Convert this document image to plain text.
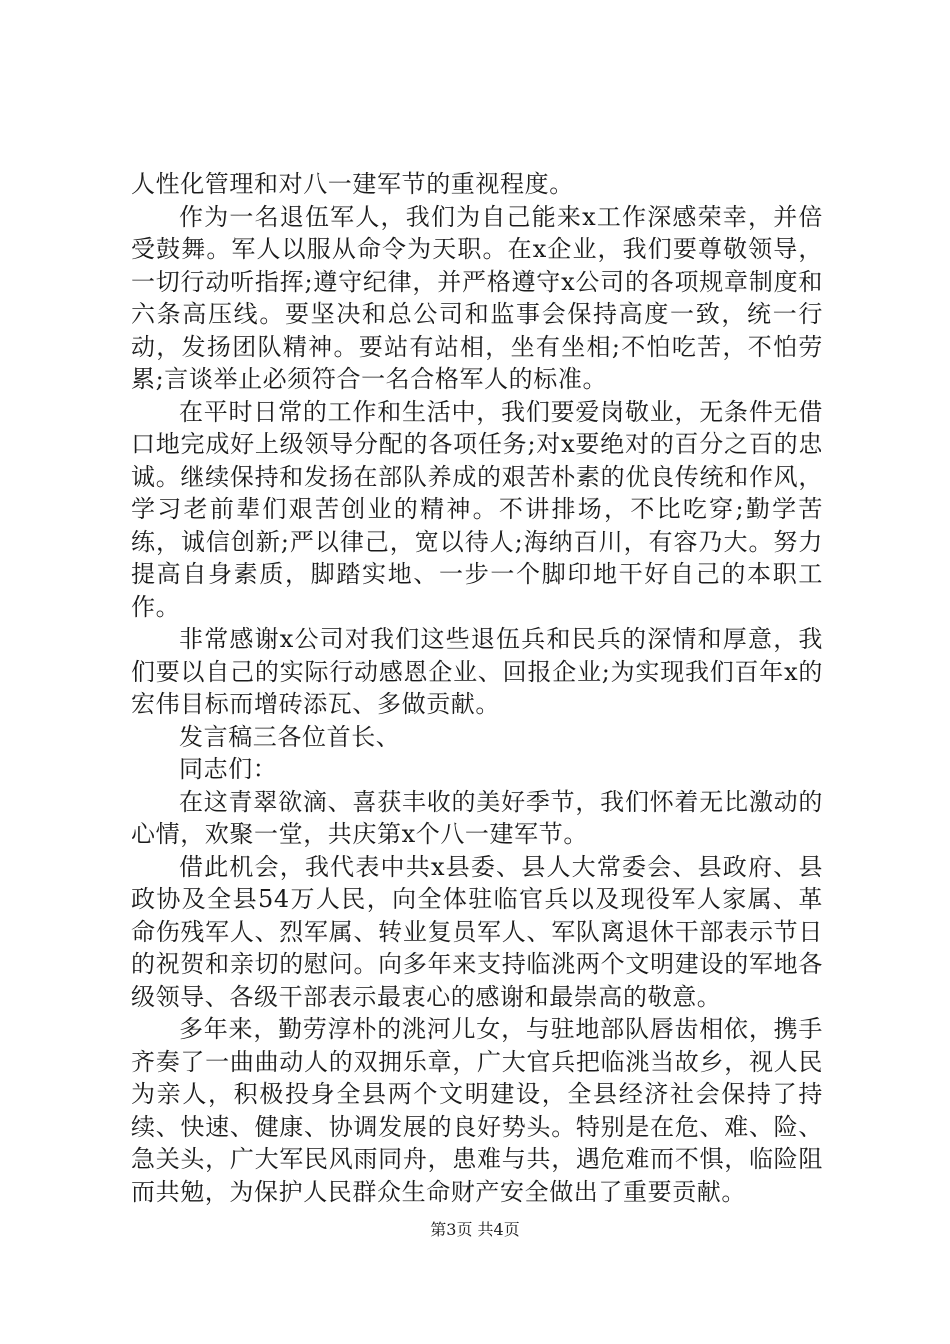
人性化管理和对八一建军节的重视程度。

作为一名退伍军人，我们为自己能来x工作深感荣幸，并倍受鼓舞。军人以服从命令为天职。在x企业，我们要尊敬领导，一切行动听指挥;遵守纪律，并严格遵守x公司的各项规章制度和六条高压线。要坚决和总公司和监事会保持高度一致，统一行动，发扬团队精神。要站有站相，坐有坐相;不怕吃苦，不怕劳累;言谈举止必须符合一名合格军人的标准。

在平时日常的工作和生活中，我们要爱岗敬业，无条件无借口地完成好上级领导分配的各项任务;对x要绝对的百分之百的忠诚。继续保持和发扬在部队养成的艰苦朴素的优良传统和作风，学习老前辈们艰苦创业的精神。不讲排场，不比吃穿;勤学苦练，诚信创新;严以律己，宽以待人;海纳百川，有容乃大。努力提高自身素质，脚踏实地、一步一个脚印地干好自己的本职工作。

非常感谢x公司对我们这些退伍兵和民兵的深情和厚意，我们要以自己的实际行动感恩企业、回报企业;为实现我们百年x的宏伟目标而增砖添瓦、多做贡献。

发言稿三各位首长、

同志们：

在这青翠欲滴、喜获丰收的美好季节，我们怀着无比激动的心情，欢聚一堂，共庆第x个八一建军节。

借此机会，我代表中共x县委、县人大常委会、县政府、县政协及全县54万人民，向全体驻临官兵以及现役军人家属、革命伤残军人、烈军属、转业复员军人、军队离退休干部表示节日的祝贺和亲切的慰问。向多年来支持临洮两个文明建设的军地各级领导、各级干部表示最衷心的感谢和最崇高的敬意。

多年来，勤劳淳朴的洮河儿女，与驻地部队唇齿相依，携手齐奏了一曲曲动人的双拥乐章，广大官兵把临洮当故乡，视人民为亲人，积极投身全县两个文明建设，全县经济社会保持了持续、快速、健康、协调发展的良好势头。特别是在危、难、险、急关头，广大军民风雨同舟，患难与共，遇危难而不惧，临险阻而共勉，为保护人民群众生命财产安全做出了重要贡献。

第3页 共4页
